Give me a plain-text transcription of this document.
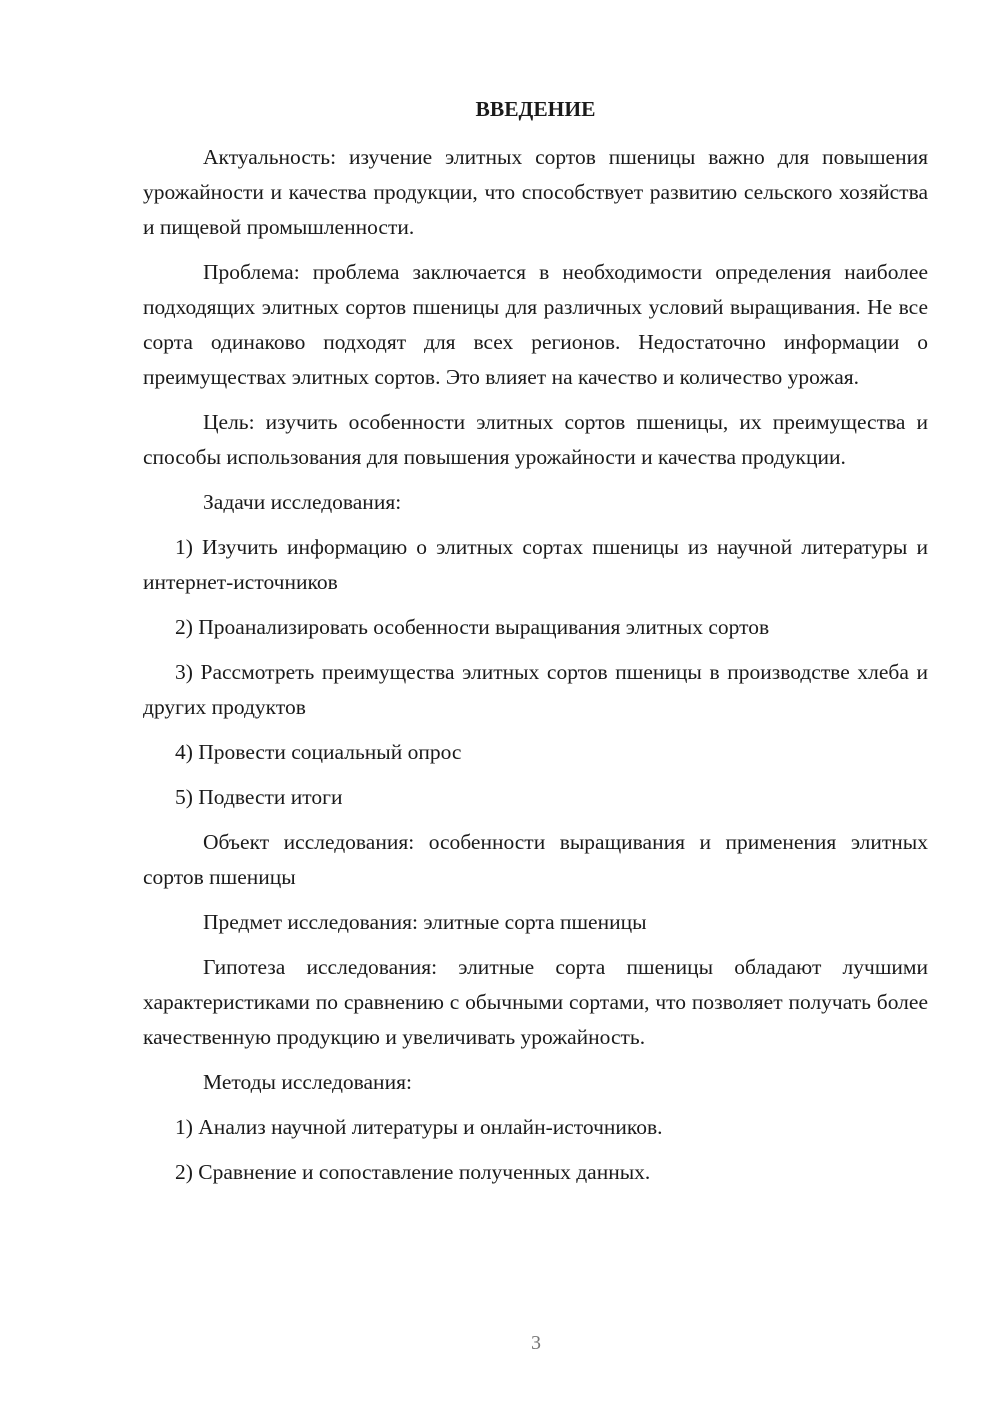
ВВЕДЕНИЕ

Актуальность: изучение элитных сортов пшеницы важно для повышения урожайности и качества продукции, что способствует развитию сельского хозяйства и пищевой промышленности.

Проблема: проблема заключается в необходимости определения наиболее подходящих элитных сортов пшеницы для различных условий выращивания. Не все сорта одинаково подходят для всех регионов. Недостаточно информации о преимуществах элитных сортов. Это влияет на качество и количество урожая.

Цель: изучить особенности элитных сортов пшеницы, их преимущества и способы использования для повышения урожайности и качества продукции.

Задачи исследования:

1) Изучить информацию о элитных сортах пшеницы из научной литературы и интернет-источников

2) Проанализировать особенности выращивания элитных сортов

3) Рассмотреть преимущества элитных сортов пшеницы в производстве хлеба и других продуктов

4) Провести социальный опрос

5) Подвести итоги

Объект исследования: особенности выращивания и применения элитных сортов пшеницы

Предмет исследования: элитные сорта пшеницы

Гипотеза исследования: элитные сорта пшеницы обладают лучшими характеристиками по сравнению с обычными сортами, что позволяет получать более качественную продукцию и увеличивать урожайность.

Методы исследования:

1) Анализ научной литературы и онлайн-источников.

2) Сравнение и сопоставление полученных данных.

3
